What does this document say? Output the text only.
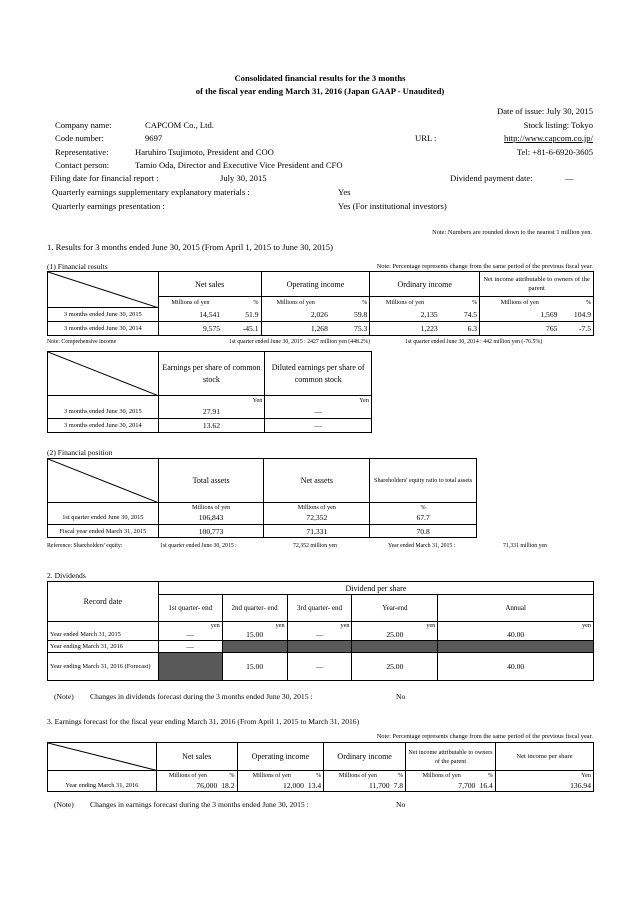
Consolidated financial results for the 3 months
of the fiscal year ending March 31, 2016 (Japan GAAP - Unaudited)
Date of issue: July 30, 2015
Stock listing: Tokyo
Company name:	CAPCOM Co., Ltd.
Code number:	9697	URL :	http://www.capcom.co.jp/
Representative:	Haruhiro Tsujimoto, President and COO	Tel: +81-6-6920-3605
Contact person:	Tamio Oda, Director and Executive Vice President and CFO
Filing date for financial report :	July 30, 2015	Dividend payment date:	—
Quarterly earnings supplementary explanatory materials :	Yes
Quarterly earnings presentation :	Yes (For institutional investors)
Note: Numbers are rounded down to the nearest 1 million yen.
1. Results for 3 months ended June 30, 2015 (From April 1, 2015 to June 30, 2015)
(1) Financial results	Note: Percentage represents change from the same period of the previous fiscal year.
	Net sales		Operating income		Ordinary income		Net income attributable to owners of the parent	
	Millions of yen	%	Millions of yen	%	Millions of yen	%	Millions of yen	%
3 months ended June 30, 2015	14,541	51.9	2,026	59.8	2,135	74.5	1,569	104.9
3 months ended June 30, 2014	9,575	-45.1	1,268	75.3	1,223	6.3	765	-7.5
Note: Comprehensive income	1st quarter ended June 30, 2015 : 2427 million yen (448.2%)	1st quarter ended June 30, 2014 : 442 million yen (-76.5%)
	Earnings per share of common stock	Diluted earnings per share of common stock
	Yen	Yen
3 months ended June 30, 2015	27.91	—
3 months ended June 30, 2014	13.62	—
(2) Financial position
	Total assets	Net assets	Shareholders' equity ratio to total assets
	Millions of yen	Millions of yen	%
1st quarter ended June 30, 2015	106,843	72,352	67.7
Fiscal year ended March 31, 2015	100,773	71,331	70.8
Reference: Shareholders' equity:	1st quarter ended June 30, 2015 :	72,352 million yen	Year ended March 31, 2015 :	71,331 million yen
2. Dividends
Record date	Dividend per share				
	1st quarter- end	2nd quarter- end	3rd quarter- end	Year-end	Annual
	yen	yen	yen	yen	yen
Year ended March 31, 2015	—	15.00	—	25.00	40.00
Year ending March 31, 2016	—				
Year ending March 31, 2016 (Forecast)		15.00	—	25.00	40.00
(Note) Changes in dividends forecast during the 3 months ended June 30, 2015 :	No
3. Earnings forecast for the fiscal year ending March 31, 2016 (From April 1, 2015 to March 31, 2016)
Note: Percentage represents change from the same period of the previous fiscal year.
	Net sales		Operating income		Ordinary income		Net income attributable to owners of the parent		Net income per share
	Millions of yen	%	Millions of yen	%	Millions of yen	%	Millions of yen	%	Yen
Year ending March 31, 2016	76,000	18.2	12,000	13.4	11,700	7.8	7,700	16.4	136.94
(Note) Changes in earnings forecast during the 3 months ended June 30, 2015 :	No
